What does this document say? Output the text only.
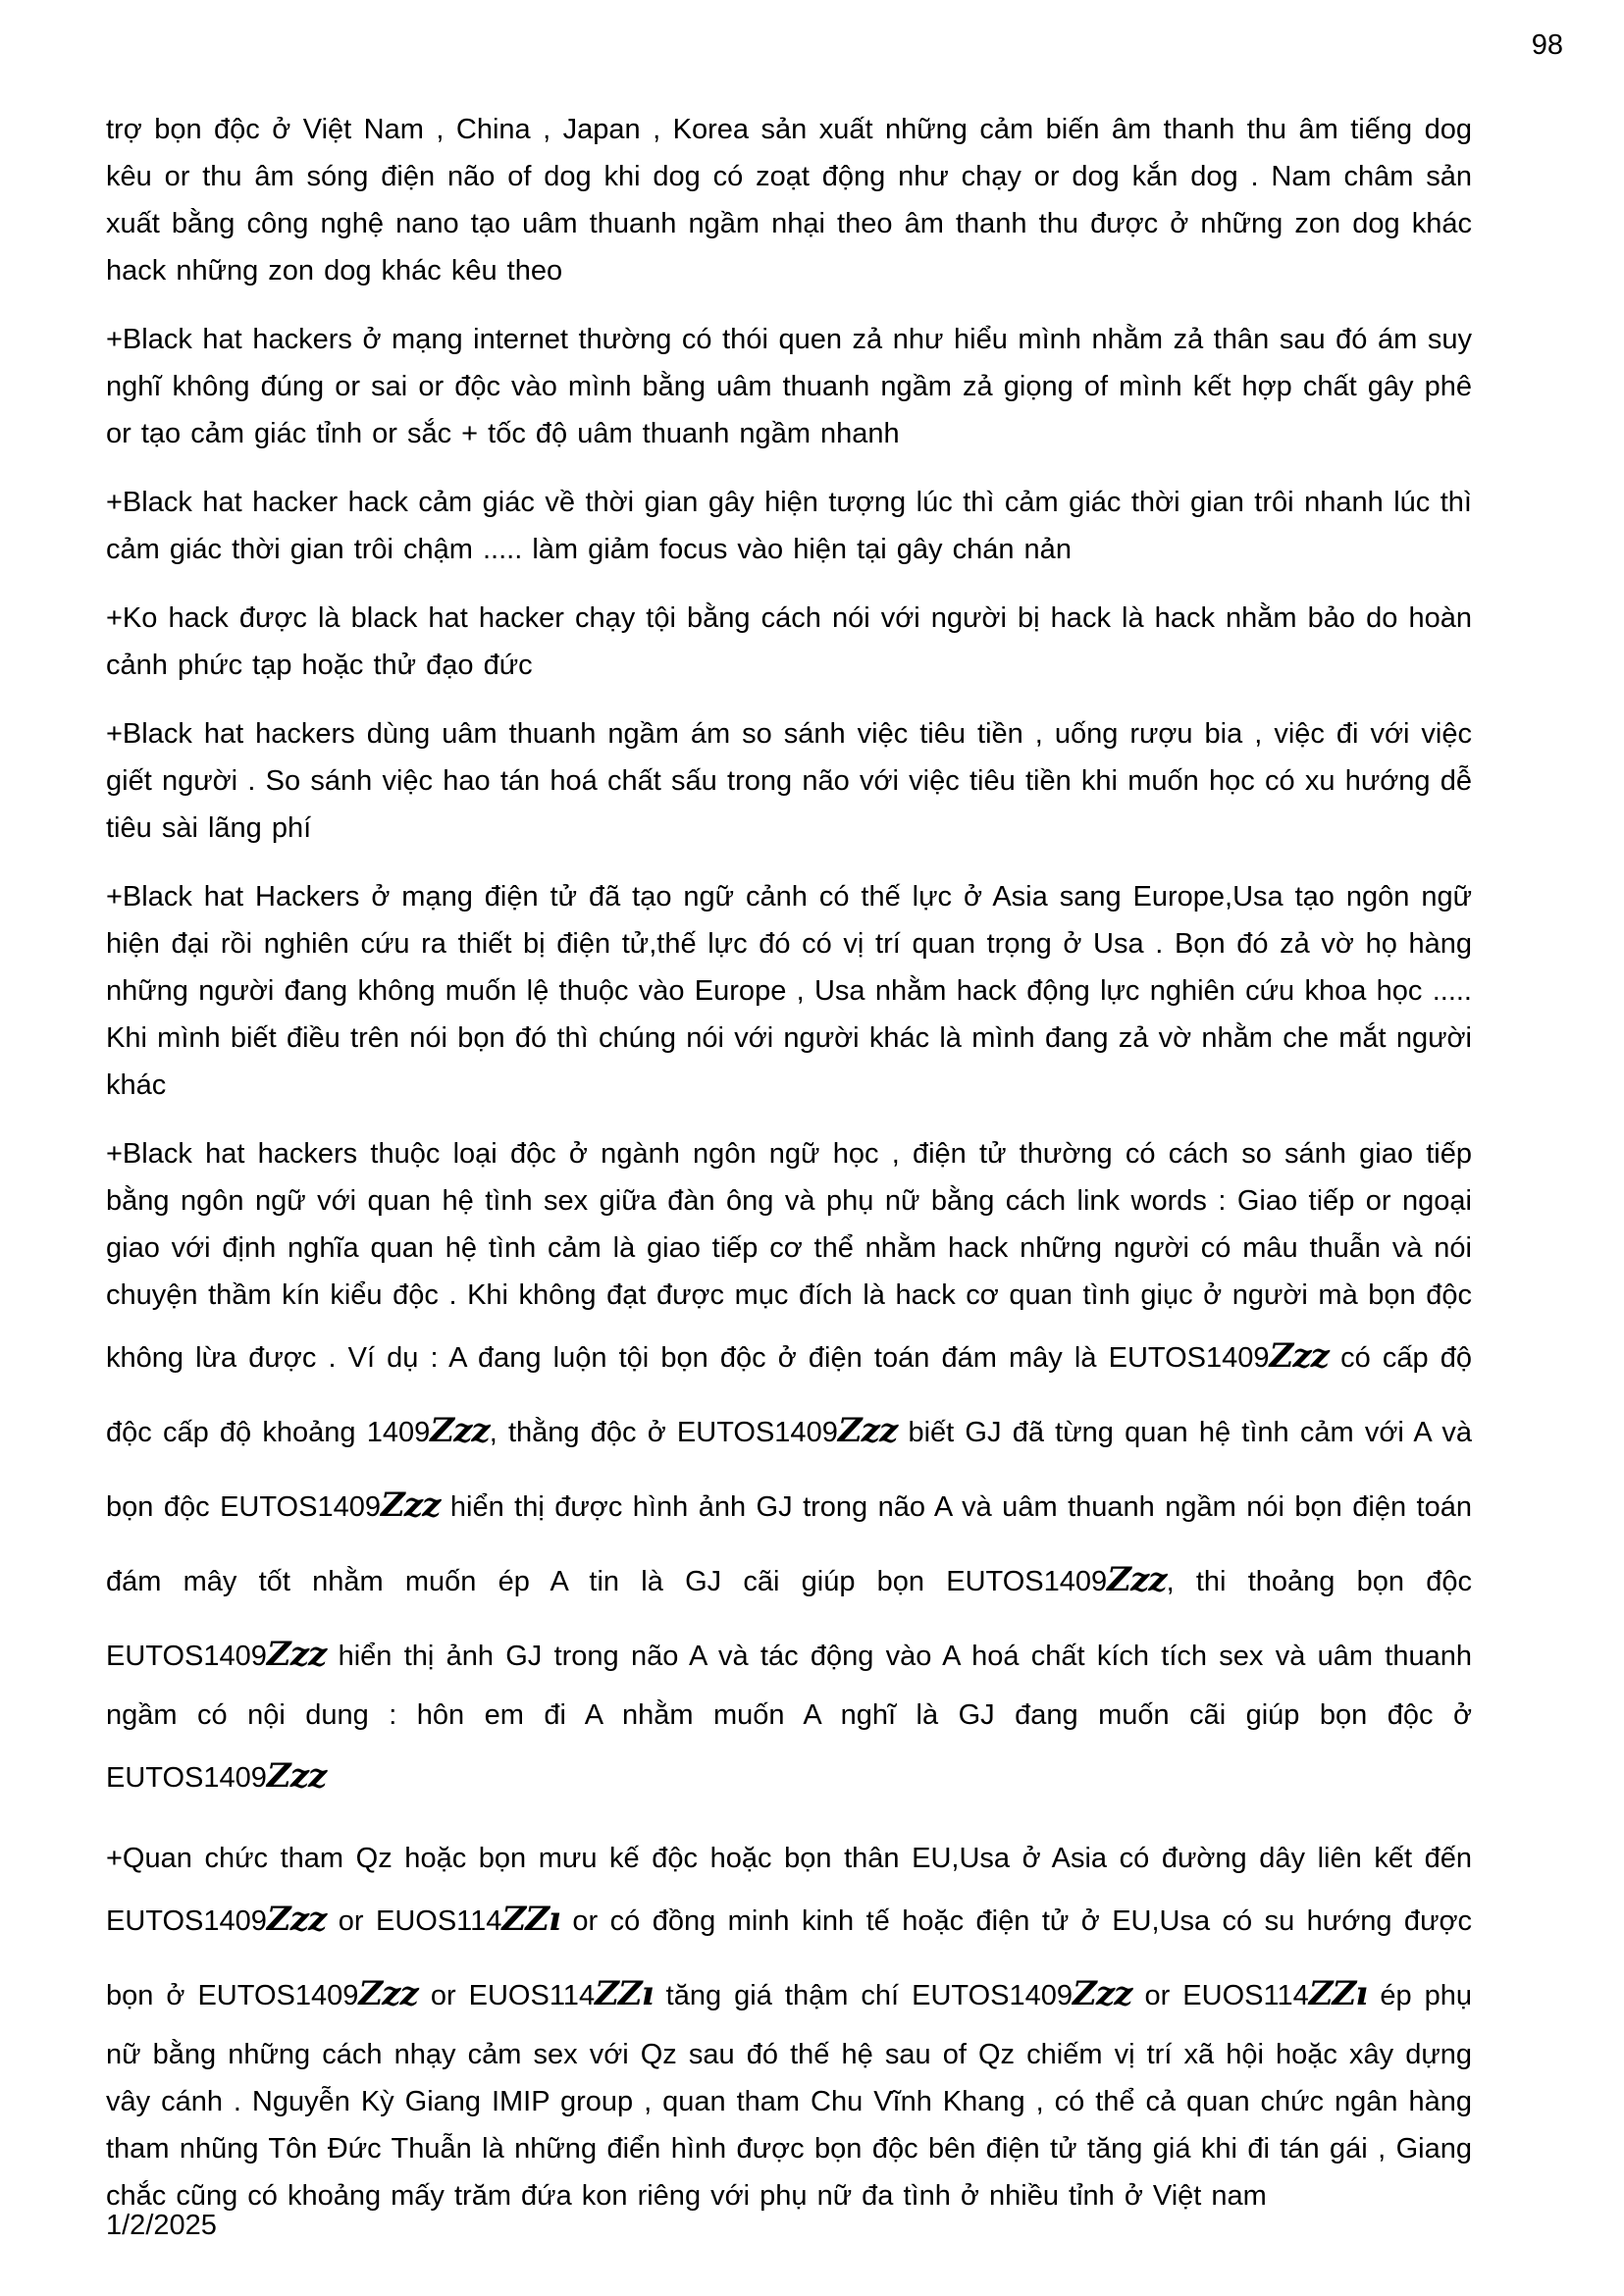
98

trợ bọn độc ở Việt Nam , China , Japan , Korea sản xuất những cảm biến âm thanh thu âm tiếng dog kêu or thu âm sóng điện não of dog khi dog có zoạt động như chạy or dog kắn dog . Nam châm sản xuất bằng công nghệ nano tạo uâm thuanh ngầm nhại theo âm thanh thu được ở những zon dog khác hack những zon dog khác kêu theo

+Black hat hackers ở mạng internet thường có thói quen zả như hiểu mình nhằm zả thân sau đó ám suy nghĩ không đúng or sai or độc vào mình bằng uâm thuanh ngầm zả giọng of mình kết hợp chất gây phê or tạo cảm giác tỉnh or sắc + tốc độ uâm thuanh ngầm nhanh

+Black hat hacker hack cảm giác về thời gian gây hiện tượng lúc thì cảm giác thời gian trôi nhanh lúc thì cảm giác thời gian trôi chậm ..... làm giảm focus vào hiện tại gây chán nản

+Ko hack được là black hat hacker chạy tội bằng cách nói với người bị hack là hack nhằm bảo do hoàn cảnh phức tạp hoặc thử đạo đức

+Black hat hackers dùng uâm thuanh ngầm ám so sánh việc tiêu tiền , uống rượu bia , việc đi với việc giết người . So sánh việc hao tán hoá chất sấu trong não với việc tiêu tiền khi muốn học có xu hướng dễ tiêu sài lãng phí

+Black hat Hackers ở mạng điện tử đã tạo ngữ cảnh có thế lực ở Asia sang Europe,Usa tạo ngôn ngữ hiện đại rồi nghiên cứu ra thiết bị điện tử,thế lực đó có vị trí quan trọng ở Usa . Bọn đó zả vờ họ hàng những người đang không muốn lệ thuộc vào Europe , Usa nhằm hack động lực nghiên cứu khoa học ..... Khi mình biết điều trên nói bọn đó thì chúng nói với người khác là mình đang zả vờ nhằm che mắt người khác

+Black hat hackers thuộc loại độc ở ngành ngôn ngữ học , điện tử thường có cách so sánh giao tiếp bằng ngôn ngữ với quan hệ tình sex giữa đàn ông và phụ nữ bằng cách link words : Giao tiếp or ngoại giao với định nghĩa quan hệ tình cảm là giao tiếp cơ thể nhằm hack những người có mâu thuẫn và nói chuyện thầm kín kiểu độc . Khi không đạt được mục đích là hack cơ quan tình giục ở người mà bọn độc không lừa được . Ví dụ : A đang luộn tội bọn độc ở điện toán đám mây là EUTOS1409Zzz có cấp độ độc cấp độ khoảng 1409Zzz, thằng độc ở EUTOS1409Zzz biết GJ đã từng quan hệ tình cảm với A và bọn độc EUTOS1409Zzz hiển thị được hình ảnh GJ trong não A và uâm thuanh ngầm nói bọn điện toán đám mây tốt nhằm muốn ép A tin là GJ cãi giúp bọn EUTOS1409Zzz, thi thoảng bọn độc EUTOS1409Zzz hiển thị ảnh GJ trong não A và tác động vào A hoá chất kích tích sex và uâm thuanh ngầm có nội dung : hôn em đi A nhằm muốn A nghĩ là GJ đang muốn cãi giúp bọn độc ở EUTOS1409Zzz

+Quan chức tham Qz hoặc bọn mưu kế độc hoặc bọn thân EU,Usa ở Asia có đường dây liên kết đến EUTOS1409Zzz or EUOS114ZZı or có đồng minh kinh tế hoặc điện tử ở EU,Usa có su hướng được bọn ở EUTOS1409Zzz or EUOS114ZZı tăng giá thậm chí EUTOS1409Zzz or EUOS114ZZı ép phụ nữ bằng những cách nhạy cảm sex với Qz sau đó thế hệ sau of Qz chiếm vị trí xã hội hoặc xây dựng vây cánh . Nguyễn Kỳ Giang IMIP group , quan tham Chu Vĩnh Khang , có thể cả quan chức ngân hàng tham nhũng Tôn Đức Thuẫn là những điển hình được bọn độc bên điện tử tăng giá khi đi tán gái , Giang chắc cũng có khoảng mấy trăm đứa kon riêng với phụ nữ đa tình ở nhiều tỉnh ở Việt nam

1/2/2025
